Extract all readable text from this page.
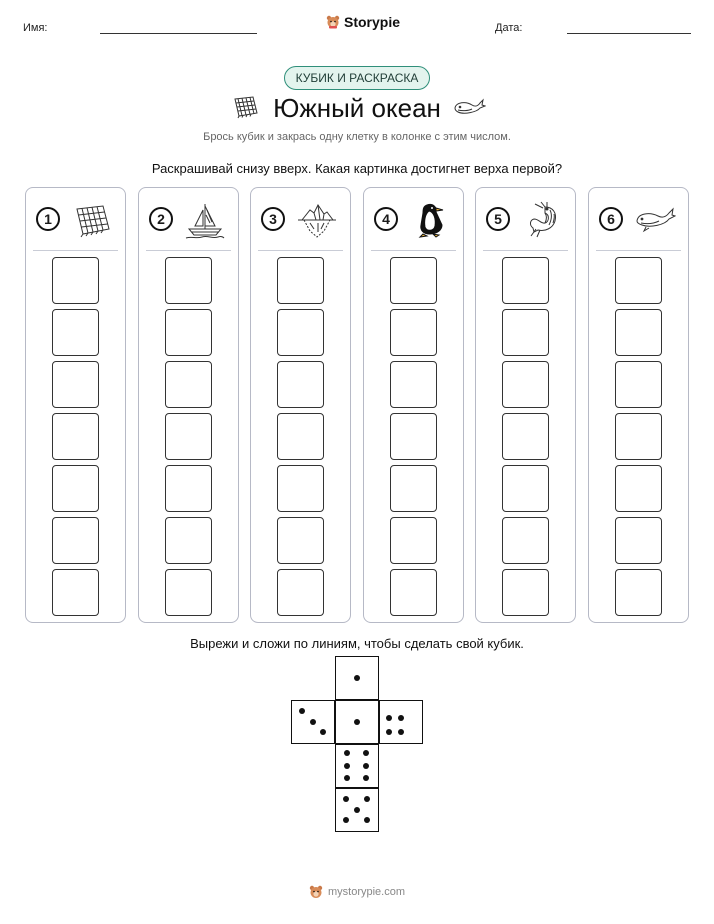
Имя:	Storypie	Дата:
КУБИК И РАСКРАСКА
Южный океан
Брось кубик и закрась одну клетку в колонке с этим числом.
Раскрашивай снизу вверх. Какая картинка достигнет верха первой?
1	2	3	4	5	6
Вырежи и сложи по линиям, чтобы сделать свой кубик.
mystorypie.com
